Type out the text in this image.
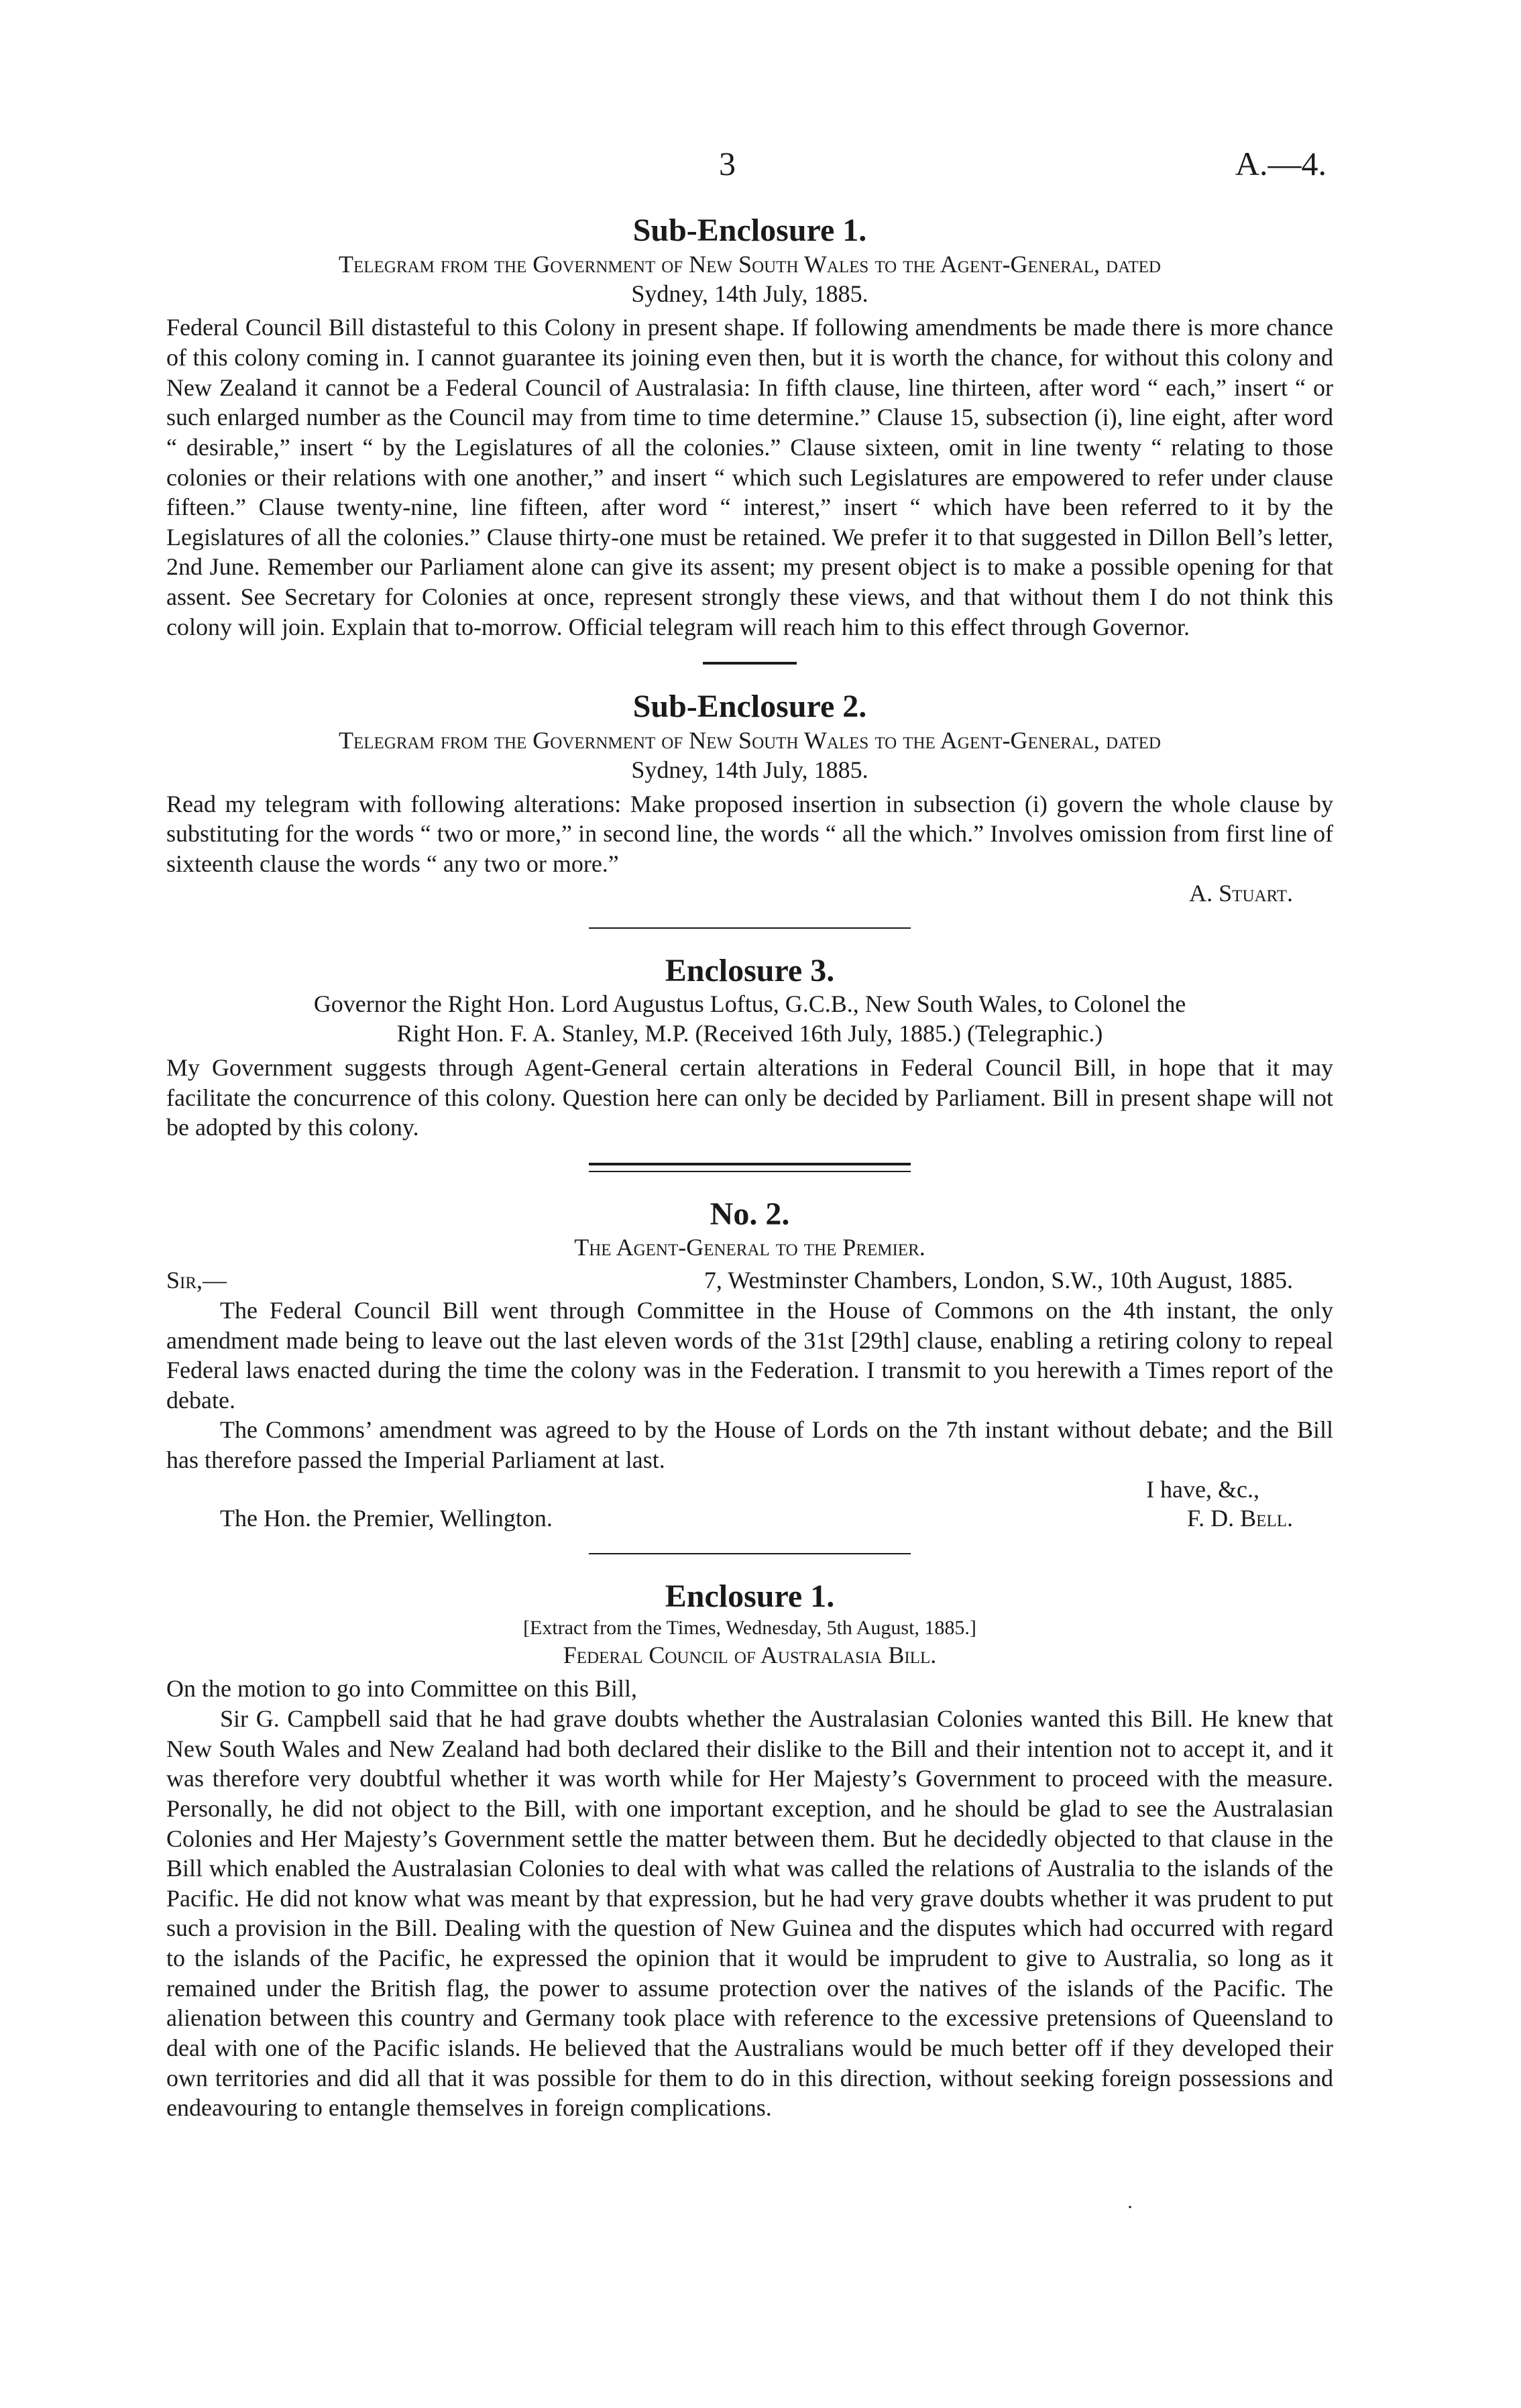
3	A.—4.
Sub-Enclosure 1.

Telegram from the Government of New South Wales to the Agent-General, dated

Sydney, 14th July, 1885.

Federal Council Bill distasteful to this Colony in present shape. If following amendments be made there is more chance of this colony coming in. I cannot guarantee its joining even then, but it is worth the chance, for without this colony and New Zealand it cannot be a Federal Council of Australasia: In fifth clause, line thirteen, after word “ each,” insert “ or such enlarged number as the Council may from time to time determine.” Clause 15, subsection (i), line eight, after word “ desirable,” insert “ by the Legislatures of all the colonies.” Clause sixteen, omit in line twenty “ relating to those colonies or their relations with one another,” and insert “ which such Legislatures are empowered to refer under clause fifteen.” Clause twenty-nine, line fifteen, after word “ interest,” insert “ which have been referred to it by the Legislatures of all the colonies.” Clause thirty-one must be retained. We prefer it to that suggested in Dillon Bell’s letter, 2nd June. Remember our Parliament alone can give its assent; my present object is to make a possible opening for that assent. See Secretary for Colonies at once, represent strongly these views, and that without them I do not think this colony will join. Explain that to-morrow. Official telegram will reach him to this effect through Governor.

Sub-Enclosure 2.

Telegram from the Government of New South Wales to the Agent-General, dated

Sydney, 14th July, 1885.

Read my telegram with following alterations: Make proposed insertion in subsection (i) govern the whole clause by substituting for the words “ two or more,” in second line, the words “ all the which.” Involves omission from first line of sixteenth clause the words “ any two or more.”

A. Stuart.

Enclosure 3.

Governor the Right Hon. Lord Augustus Loftus, G.C.B., New South Wales, to Colonel the

Right Hon. F. A. Stanley, M.P. (Received 16th July, 1885.) (Telegraphic.)

My Government suggests through Agent-General certain alterations in Federal Council Bill, in hope that it may facilitate the concurrence of this colony. Question here can only be decided by Parliament. Bill in present shape will not be adopted by this colony.

No. 2.

The Agent-General to the Premier.

Sir,—	7, Westminster Chambers, London, S.W., 10th August, 1885.

The Federal Council Bill went through Committee in the House of Commons on the 4th instant, the only amendment made being to leave out the last eleven words of the 31st [29th] clause, enabling a retiring colony to repeal Federal laws enacted during the time the colony was in the Federation. I transmit to you herewith a Times report of the debate.

The Commons’ amendment was agreed to by the House of Lords on the 7th instant without debate; and the Bill has therefore passed the Imperial Parliament at last.

I have, &c.,

The Hon. the Premier, Wellington.	F. D. Bell.
Enclosure 1.

[Extract from the Times, Wednesday, 5th August, 1885.]

Federal Council of Australasia Bill.

On the motion to go into Committee on this Bill,

Sir G. Campbell said that he had grave doubts whether the Australasian Colonies wanted this Bill. He knew that New South Wales and New Zealand had both declared their dislike to the Bill and their intention not to accept it, and it was therefore very doubtful whether it was worth while for Her Majesty’s Government to proceed with the measure. Personally, he did not object to the Bill, with one important exception, and he should be glad to see the Australasian Colonies and Her Majesty’s Government settle the matter between them. But he decidedly objected to that clause in the Bill which enabled the Australasian Colonies to deal with what was called the relations of Australia to the islands of the Pacific. He did not know what was meant by that expression, but he had very grave doubts whether it was prudent to put such a provision in the Bill. Dealing with the question of New Guinea and the disputes which had occurred with regard to the islands of the Pacific, he expressed the opinion that it would be imprudent to give to Australia, so long as it remained under the British flag, the power to assume protection over the natives of the islands of the Pacific. The alienation between this country and Germany took place with reference to the excessive pretensions of Queensland to deal with one of the Pacific islands. He believed that the Australians would be much better off if they developed their own territories and did all that it was possible for them to do in this direction, without seeking foreign possessions and endeavouring to entangle themselves in foreign complications.

·
